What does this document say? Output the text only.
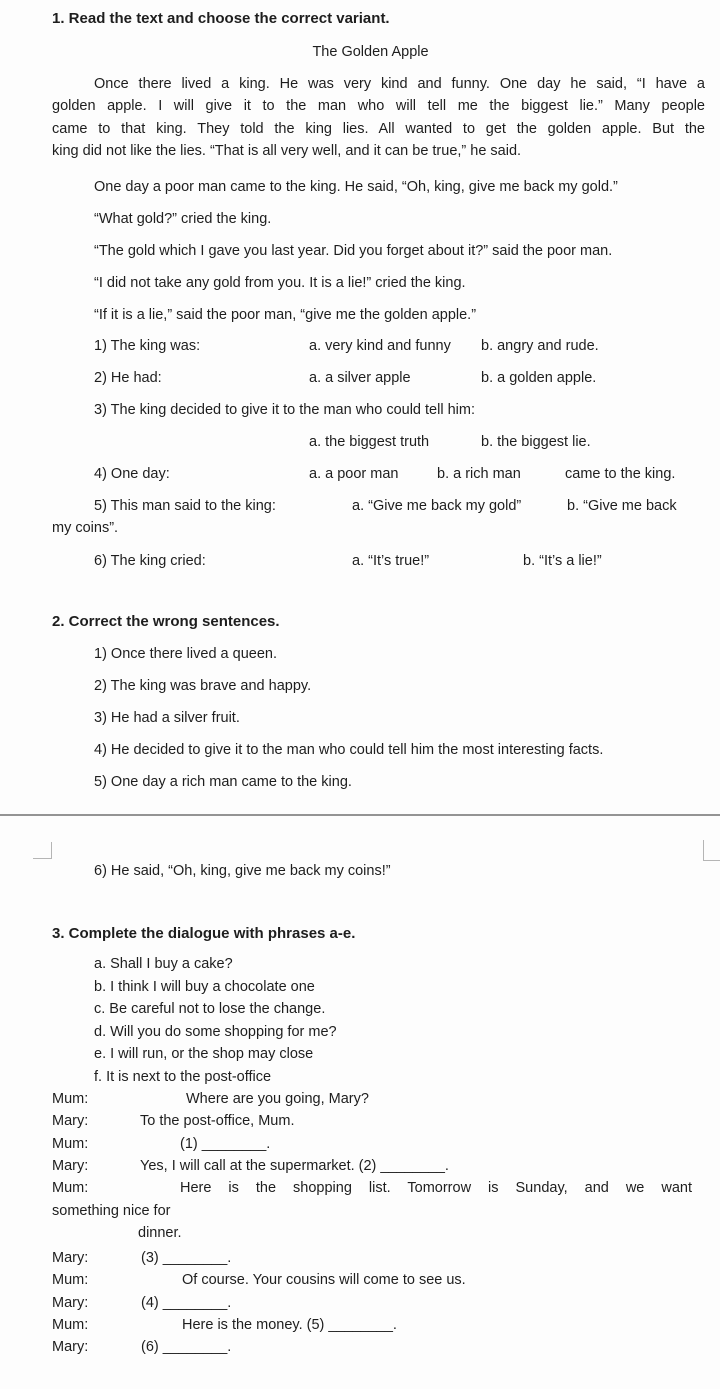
1. Read the text and choose the correct variant.
The Golden Apple
Once there lived a king. He was very kind and funny. One day he said, “I have a
golden apple. I will give it to the man who will tell me the biggest lie.” Many people
came to that king. They told the king lies. All wanted to get the golden apple. But the
king did not like the lies. “That is all very well, and it can be true,” he said.
One day a poor man came to the king. He said, “Oh, king, give me back my gold.”
“What gold?” cried the king.
“The gold which I gave you last year. Did you forget about it?” said the poor man.
“I did not take any gold from you. It is a lie!” cried the king.
“If it is a lie,” said the poor man, “give me the golden apple.”
1) The king was:	a. very kind and funny b. angry and rude.
2) He had:	a. a silver apple	b. a golden apple.
3) The king decided to give it to the man who could tell him:
a. the biggest truth	b. the biggest lie.
4) One day:	a. a poor man	b. a rich man	came to the king.
5) This man said to the king:	a. “Give me back my gold”	b. “Give me back
my coins”.
6) The king cried:	a. “It’s true!”	b. “It’s a lie!”
2. Correct the wrong sentences.
1) Once there lived a queen.
2) The king was brave and happy.
3) He had a silver fruit.
4) He decided to give it to the man who could tell him the most interesting facts.
5) One day a rich man came to the king.
6) He said, “Oh, king, give me back my coins!”
3. Complete the dialogue with phrases a-e.
a. Shall I buy a cake?
b. I think I will buy a chocolate one
c. Be careful not to lose the change.
d. Will you do some shopping for me?
e. I will run, or the shop may close
f. It is next to the post-office
Mum:	Where are you going, Mary?
Mary:	To the post-office, Mum.
Mum:	(1) ________.
Mary:	Yes, I will call at the supermarket. (2) ________.
Mum:	Here is the shopping list. Tomorrow is Sunday, and we want
something nice for
dinner.
Mary:	(3) ________.
Mum:	Of course. Your cousins will come to see us.
Mary:	(4) ________.
Mum:	Here is the money. (5) ________.
Mary:	(6) ________.
